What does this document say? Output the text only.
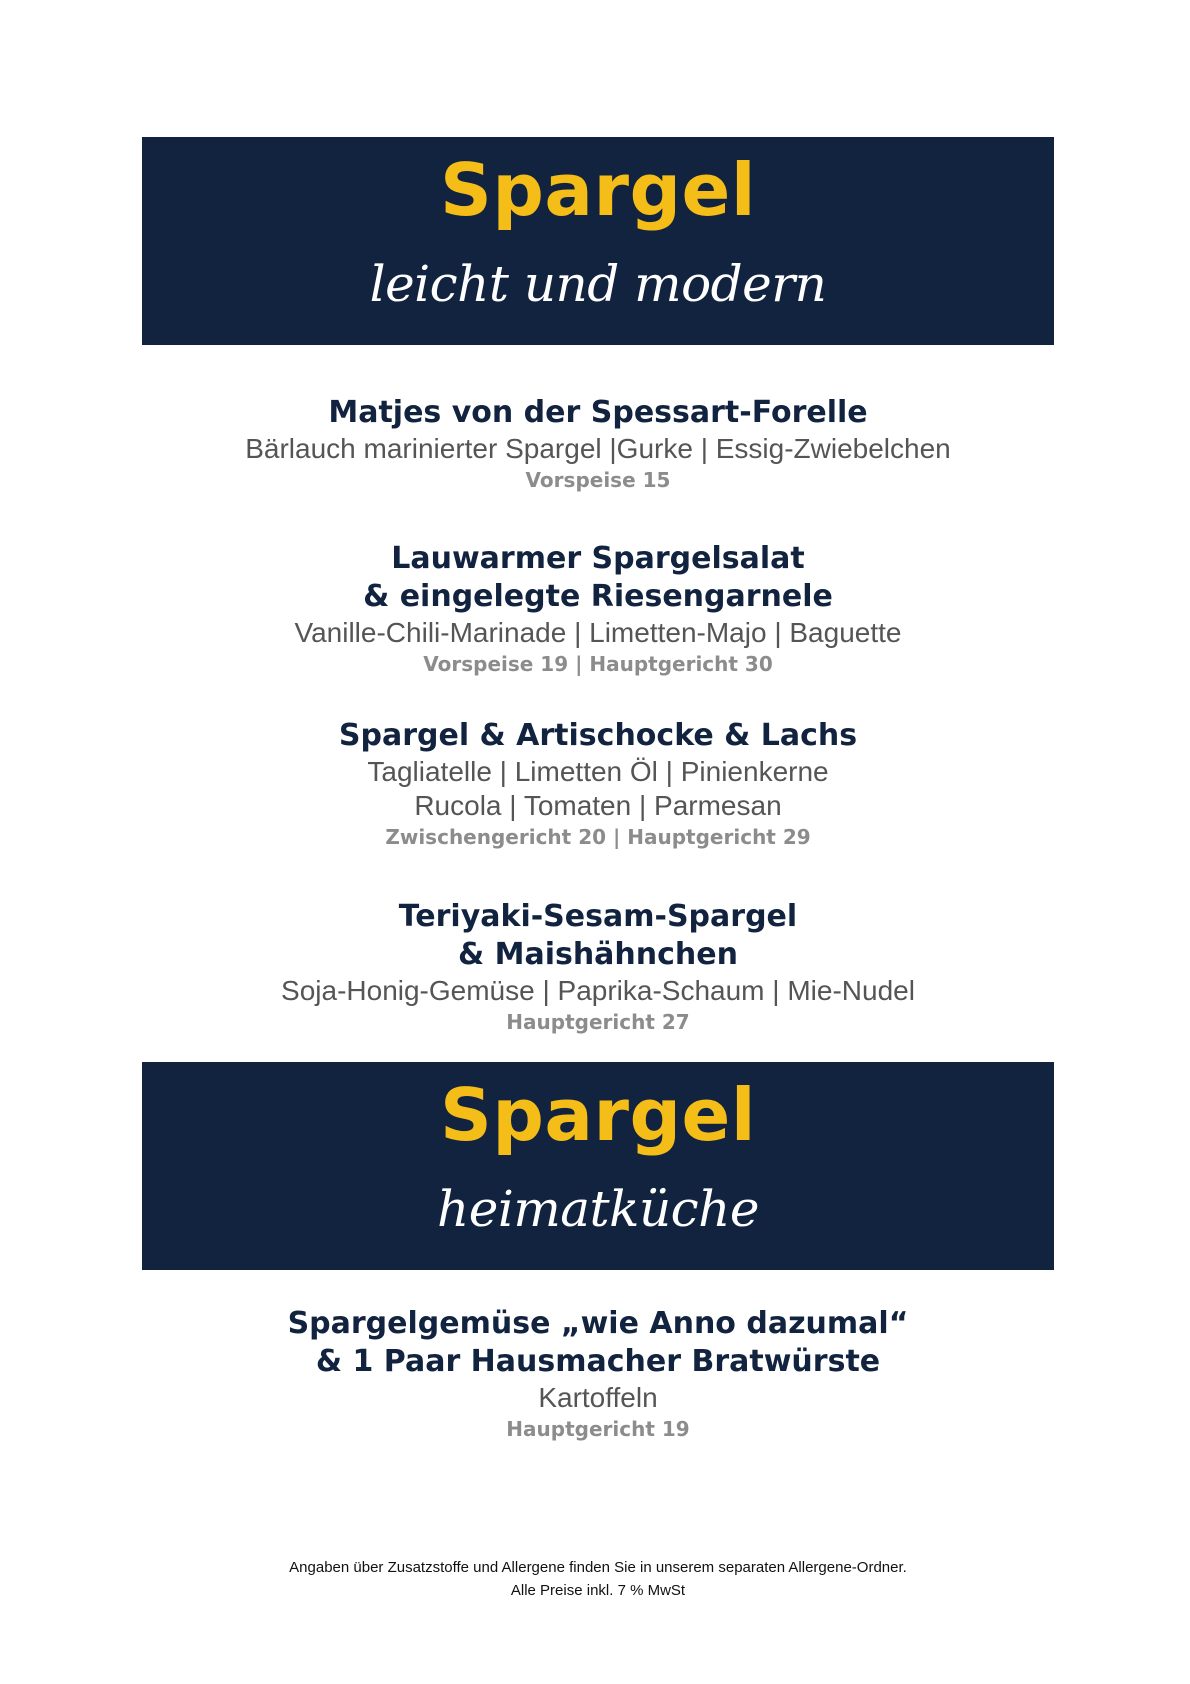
Spargel
leicht und modern
Matjes von der Spessart-Forelle
Bärlauch marinierter Spargel |Gurke | Essig-Zwiebelchen
Vorspeise 15
Lauwarmer Spargelsalat
& eingelegte Riesengarnele
Vanille-Chili-Marinade | Limetten-Majo | Baguette
Vorspeise 19 | Hauptgericht 30
Spargel & Artischocke & Lachs
Tagliatelle | Limetten Öl | Pinienkerne
Rucola | Tomaten | Parmesan
Zwischengericht 20 | Hauptgericht 29
Teriyaki-Sesam-Spargel
& Maishähnchen
Soja-Honig-Gemüse | Paprika-Schaum | Mie-Nudel
Hauptgericht 27
Spargel
heimatküche
Spargelgemüse „wie Anno dazumal“
& 1 Paar Hausmacher Bratwürste
Kartoffeln
Hauptgericht 19
Angaben über Zusatzstoffe und Allergene finden Sie in unserem separaten Allergene-Ordner.
Alle Preise inkl. 7 % MwSt
